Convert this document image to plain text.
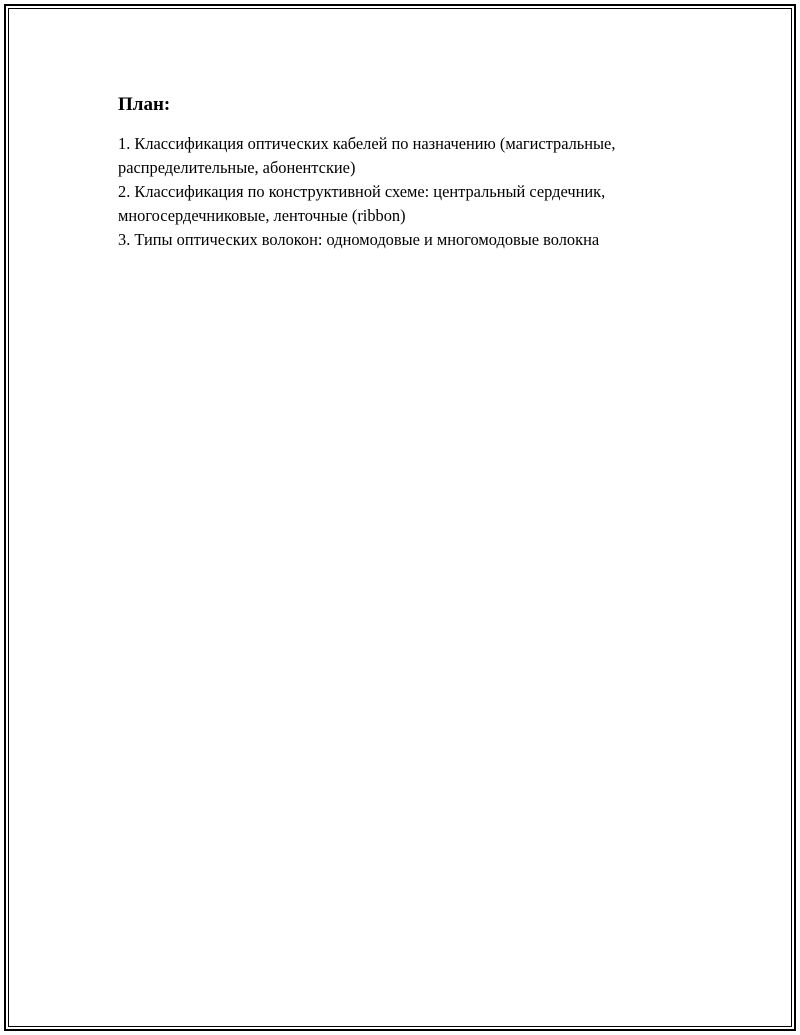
План:
1. Классификация оптических кабелей по назначению (магистральные, распределительные, абонентские)
2. Классификация по конструктивной схеме: центральный сердечник, многосердечниковые, ленточные (ribbon)
3. Типы оптических волокон: одномодовые и многомодовые волокна
